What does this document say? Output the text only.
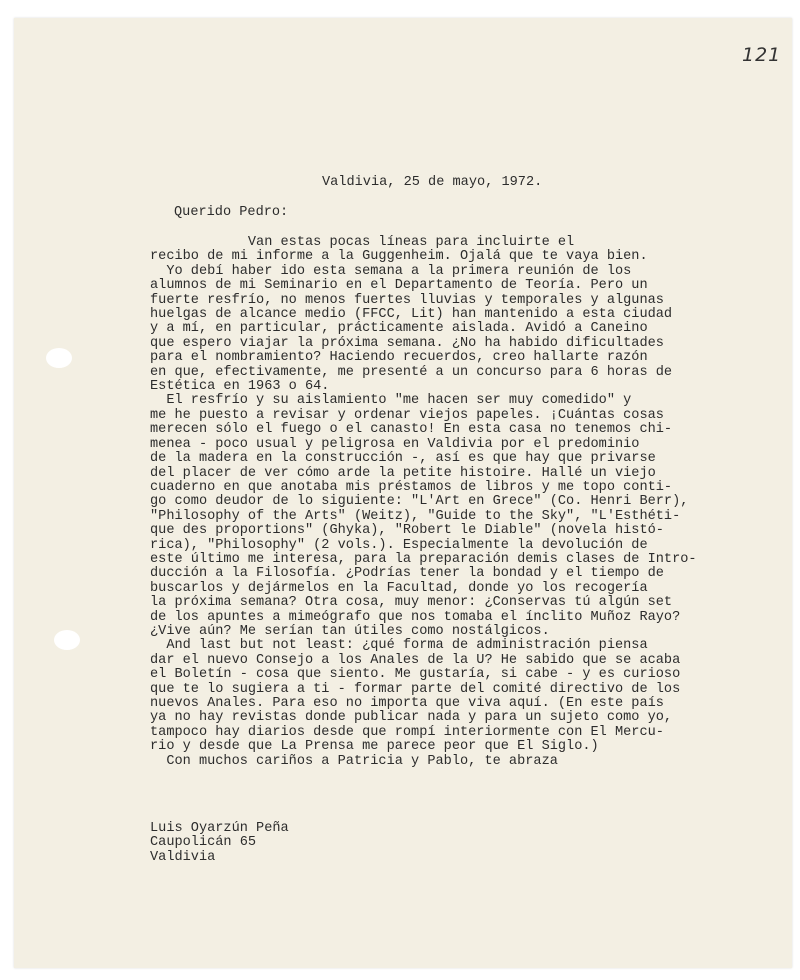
121
Valdivia, 25 de mayo, 1972.
Querido Pedro:
Van estas pocas líneas para incluirte el
recibo de mi informe a la Guggenheim. Ojalá que te vaya bien.
Yo debí haber ido esta semana a la primera reunión de los
alumnos de mi Seminario en el Departamento de Teoría. Pero un
fuerte resfrío, no menos fuertes lluvias y temporales y algunas
huelgas de alcance medio (FFCC, Lit) han mantenido a esta ciudad
y a mí, en particular, prácticamente aislada. Avidó a Caneino
que espero viajar la próxima semana. ¿No ha habido dificultades
para el nombramiento? Haciendo recuerdos, creo hallarte razón
en que, efectivamente, me presenté a un concurso para 6 horas de
Estética en 1963 o 64.
El resfrío y su aislamiento "me hacen ser muy comedido" y
me he puesto a revisar y ordenar viejos papeles. ¡Cuántas cosas
merecen sólo el fuego o el canasto! En esta casa no tenemos chi-
menea - poco usual y peligrosa en Valdivia por el predominio
de la madera en la construcción -, así es que hay que privarse
del placer de ver cómo arde la petite histoire. Hallé un viejo
cuaderno en que anotaba mis préstamos de libros y me topo conti-
go como deudor de lo siguiente: "L'Art en Grece" (Co. Henri Berr),
"Philosophy of the Arts" (Weitz), "Guide to the Sky", "L'Esthéti-
que des proportions" (Ghyka), "Robert le Diable" (novela histó-
rica), "Philosophy" (2 vols.). Especialmente la devolución de
este último me interesa, para la preparación demis clases de Intro-
ducción a la Filosofía. ¿Podrías tener la bondad y el tiempo de
buscarlos y dejármelos en la Facultad, donde yo los recogería
la próxima semana? Otra cosa, muy menor: ¿Conservas tú algún set
de los apuntes a mimeógrafo que nos tomaba el ínclito Muñoz Rayo?
¿Vive aún? Me serían tan útiles como nostálgicos.
And last but not least: ¿qué forma de administración piensa
dar el nuevo Consejo a los Anales de la U? He sabido que se acaba
el Boletín - cosa que siento. Me gustaría, si cabe - y es curioso
que te lo sugiera a ti - formar parte del comité directivo de los
nuevos Anales. Para eso no importa que viva aquí. (En este país
ya no hay revistas donde publicar nada y para un sujeto como yo,
tampoco hay diarios desde que rompí interiormente con El Mercu-
rio y desde que La Prensa me parece peor que El Siglo.)
Con muchos cariños a Patricia y Pablo, te abraza
Luis Oyarzún Peña
Caupolicán 65
Valdivia
